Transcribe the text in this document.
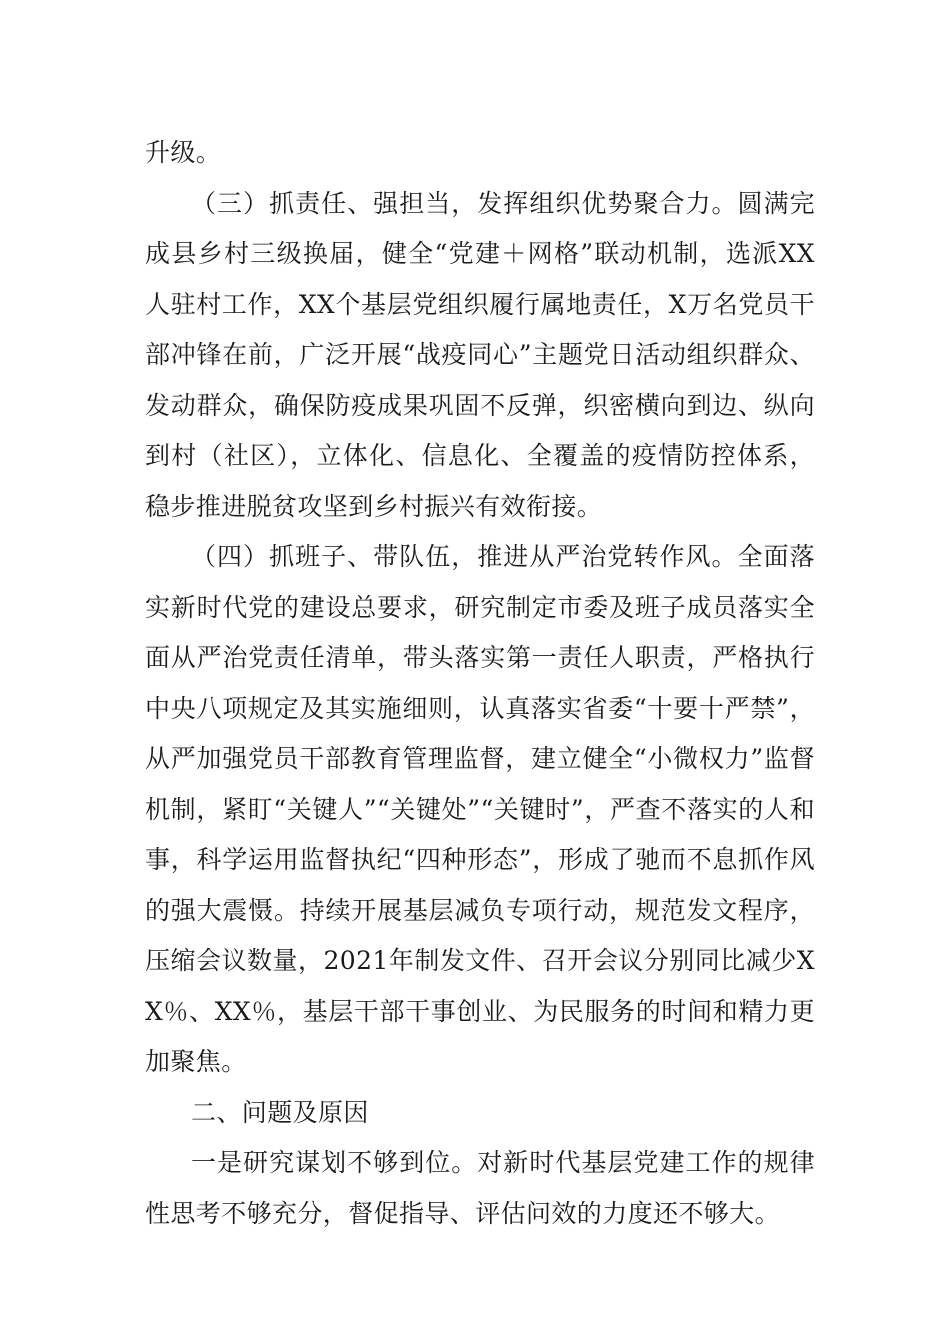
升级。

（三）抓责任、强担当，发挥组织优势聚合力。圆满完成县乡村三级换届，健全“党建＋网格”联动机制，选派XX人驻村工作，XX个基层党组织履行属地责任，X万名党员干部冲锋在前，广泛开展“战疫同心”主题党日活动组织群众、发动群众，确保防疫成果巩固不反弹，织密横向到边、纵向到村（社区），立体化、信息化、全覆盖的疫情防控体系，稳步推进脱贫攻坚到乡村振兴有效衔接。

（四）抓班子、带队伍，推进从严治党转作风。全面落实新时代党的建设总要求，研究制定市委及班子成员落实全面从严治党责任清单，带头落实第一责任人职责，严格执行中央八项规定及其实施细则，认真落实省委“十要十严禁”，从严加强党员干部教育管理监督，建立健全“小微权力”监督机制，紧盯“关键人”“关键处”“关键时”，严查不落实的人和事，科学运用监督执纪“四种形态”，形成了驰而不息抓作风的强大震慑。持续开展基层减负专项行动，规范发文程序，压缩会议数量，2021年制发文件、召开会议分别同比减少XX％、XX％，基层干部干事创业、为民服务的时间和精力更加聚焦。

二、问题及原因

一是研究谋划不够到位。对新时代基层党建工作的规律性思考不够充分，督促指导、评估问效的力度还不够大。
